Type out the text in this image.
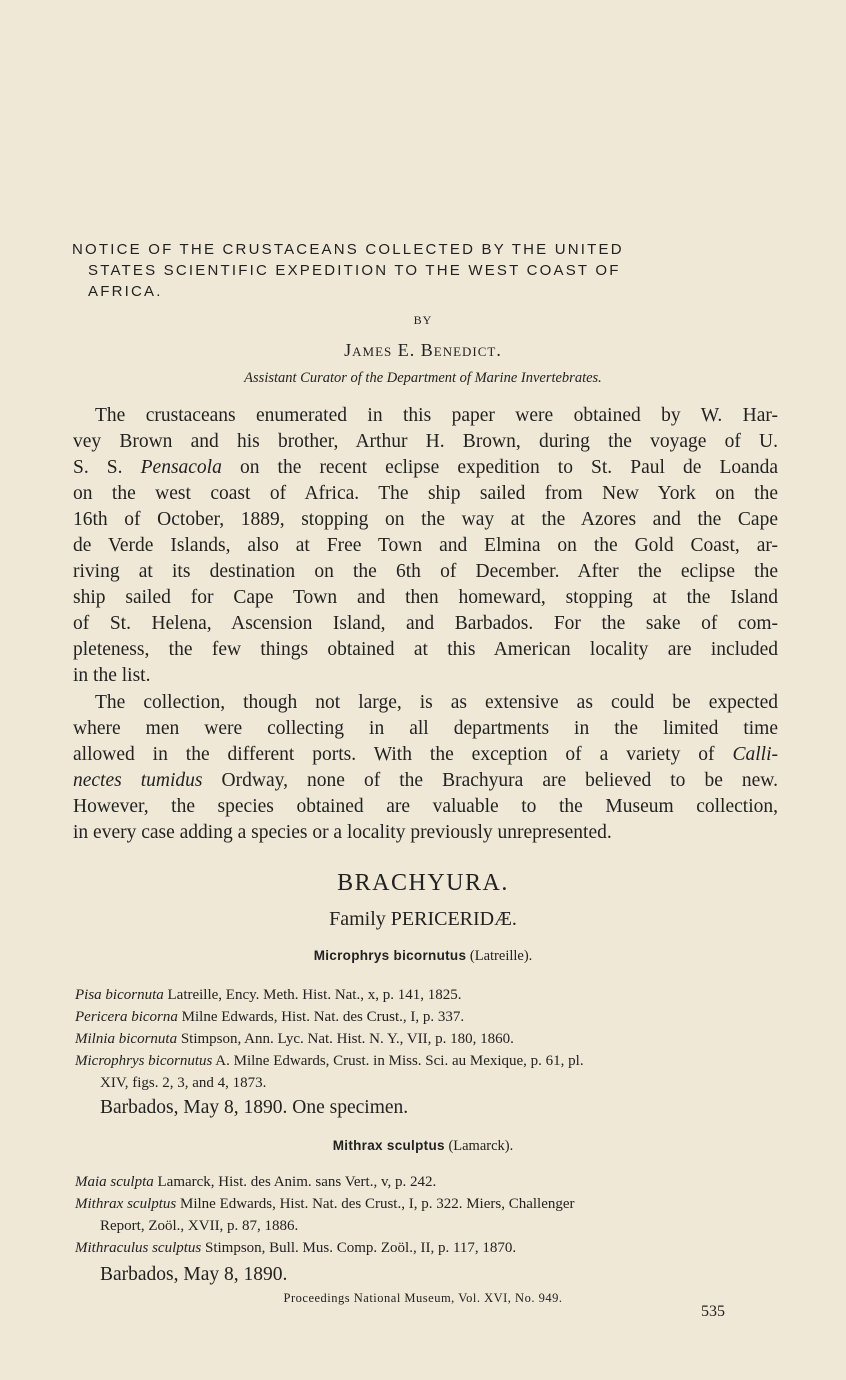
NOTICE OF THE CRUSTACEANS COLLECTED BY THE UNITED
STATES SCIENTIFIC EXPEDITION TO THE WEST COAST OF
AFRICA.
BY
James E. Benedict.
Assistant Curator of the Department of Marine Invertebrates.
The crustaceans enumerated in this paper were obtained by W. Har-
vey Brown and his brother, Arthur H. Brown, during the voyage of U.
S. S. Pensacola on the recent eclipse expedition to St. Paul de Loanda
on the west coast of Africa. The ship sailed from New York on the
16th of October, 1889, stopping on the way at the Azores and the Cape
de Verde Islands, also at Free Town and Elmina on the Gold Coast, ar-
riving at its destination on the 6th of December. After the eclipse the
ship sailed for Cape Town and then homeward, stopping at the Island
of St. Helena, Ascension Island, and Barbados. For the sake of com-
pleteness, the few things obtained at this American locality are included
in the list.
The collection, though not large, is as extensive as could be expected
where men were collecting in all departments in the limited time
allowed in the different ports. With the exception of a variety of Calli-
nectes tumidus Ordway, none of the Brachyura are believed to be new.
However, the species obtained are valuable to the Museum collection,
in every case adding a species or a locality previously unrepresented.
BRACHYURA.
Family PERICERIDÆ.
Microphrys bicornutus (Latreille).
Pisa bicornuta Latreille, Ency. Meth. Hist. Nat., x, p. 141, 1825.
Pericera bicorna Milne Edwards, Hist. Nat. des Crust., I, p. 337.
Milnia bicornuta Stimpson, Ann. Lyc. Nat. Hist. N. Y., VII, p. 180, 1860.
Microphrys bicornutus A. Milne Edwards, Crust. in Miss. Sci. au Mexique, p. 61, pl.
XIV, figs. 2, 3, and 4, 1873.
Barbados, May 8, 1890. One specimen.
Mithrax sculptus (Lamarck).
Maia sculpta Lamarck, Hist. des Anim. sans Vert., v, p. 242.
Mithrax sculptus Milne Edwards, Hist. Nat. des Crust., I, p. 322. Miers, Challenger
Report, Zoöl., XVII, p. 87, 1886.
Mithraculus sculptus Stimpson, Bull. Mus. Comp. Zoöl., II, p. 117, 1870.
Barbados, May 8, 1890.
Proceedings National Museum, Vol. XVI, No. 949.
535
